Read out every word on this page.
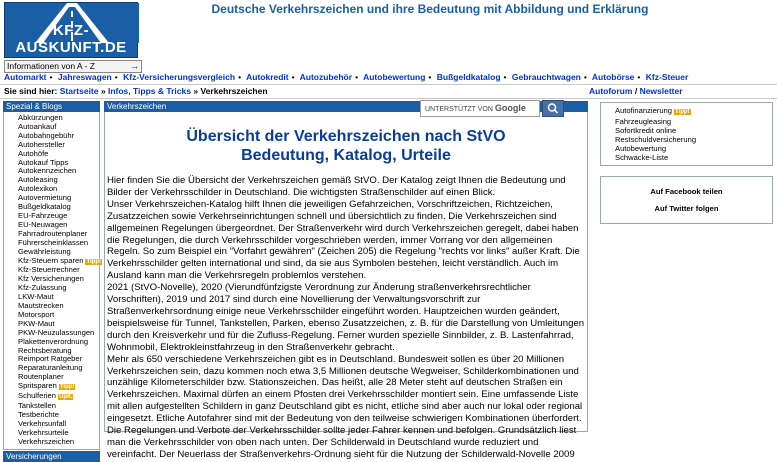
KFZ-AUSKUNFT.DE
Informationen von A - Z	→
Deutsche Verkehrszeichen und ihre Bedeutung mit Abbildung und Erklärung
Automarkt • Jahreswagen • Kfz-Versicherungsvergleich • Autokredit • Autozubehör • Autobewertung • Bußgeldkatalog • Gebrauchtwagen • Autobörse • Kfz-Steuer
Sie sind hier: Startseite » Infos, Tipps & Tricks » Verkehrszeichen	Autoforum / Newsletter
Spezial & Blogs
Abkürzungen
Autoankauf
Autobahngebühr
Autohersteller
Autohöfe
Autokauf Tipps
Autokennzeichen
Autoleasing
Autolexikon
Autovermietung
Bußgeldkatalog
EU-Fahrzeuge
EU-Neuwagen
Fahrradroutenplaner
Führerscheinklassen
Gewährleistung
Kfz-Steuern sparen Tipp!
Kfz-Steuerrechner
Kfz Versicherungen
Kfz-Zulassung
LKW-Maut
Mautstrecken
Motorsport
PKW-Maut
PKW-Neuzulassungen
Plakettenverordnung
Rechtsberatung
Reimport Ratgeber
Reparaturanleitung
Routenplaner
Spritsparen Tipp!
Schulferien Upd.
Tankstellen
Testberichte
Verkehrsunfall
Verkehrsurteile
Verkehrszeichen
Versicherungen
Verkehrszeichen
Übersicht der Verkehrszeichen nach StVO
Bedeutung, Katalog, Urteile

Hier finden Sie die Übersicht der Verkehrszeichen gemäß StVO. Der Katalog zeigt Ihnen die Bedeutung und Bilder der Verkehrsschilder in Deutschland. Die wichtigsten Straßenschilder auf einen Blick.

Unser Verkehrszeichen-Katalog hilft Ihnen die jeweiligen Gefahrzeichen, Vorschriftzeichen, Richtzeichen, Zusatzzeichen sowie Verkehrseinrichtungen schnell und übersichtlich zu finden. Die Verkehrszeichen sind allgemeinen Regelungen übergeordnet. Der Straßenverkehr wird durch Verkehrszeichen geregelt, dabei haben die Regelungen, die durch Verkehrsschilder vorgeschrieben werden, immer Vorrang vor den allgemeinen Regeln. So zum Beispiel ein "Vorfahrt gewähren" (Zeichen 205) die Regelung "rechts vor links" außer Kraft. Die Verkehrsschilder gelten international und sind, da sie aus Symbolen bestehen, leicht verständlich. Auch im Ausland kann man die Verkehrsregeln problemlos verstehen.

2021 (StVO-Novelle), 2020 (Vierundfünfzigste Verordnung zur Änderung straßenverkehrsrechtlicher Vorschriften), 2019 und 2017 sind durch eine Novellierung der Verwaltungsvorschrift zur Straßenverkehrsordnung einige neue Verkehrsschilder eingeführt worden. Hauptzeichen wurden geändert, beispielsweise für Tunnel, Tankstellen, Parken, ebenso Zusatzzeichen, z. B. für die Darstellung von Umleitungen durch den Kreisverkehr und für die Zufluss-Regelung. Ferner wurden spezielle Sinnbilder, z. B. Lastenfahrrad, Wohnmobil, Elektrokleinstfahrzeug in den Straßenverkehr gebracht.

Mehr als 650 verschiedene Verkehrszeichen gibt es in Deutschland. Bundesweit sollen es über 20 Millionen Verkehrszeichen sein, dazu kommen noch etwa 3,5 Millionen deutsche Wegweiser, Schilderkombinationen und unzählige Kilometerschilder bzw. Stationszeichen. Das heißt, alle 28 Meter steht auf deutschen Straßen ein Verkehrszeichen. Maximal dürfen an einem Pfosten drei Verkehrsschilder montiert sein. Eine umfassende Liste mit allen aufgestellten Schildern in ganz Deutschland gibt es nicht, etliche sind aber auch nur lokal oder regional eingesetzt. Etliche Autofahrer sind mit der Bedeutung von den teilweise schwierigen Kombinationen überfordert. Die Regelungen und Verbote der Verkehrsschilder sollte jeder Fahrer kennen und befolgen. Grundsätzlich liest man die Verkehrsschilder von oben nach unten. Der Schilderwald in Deutschland wurde reduziert und vereinfacht. Der Neuerlass der Straßenverkehrs-Ordnung sieht für die Nutzung der Schilderwald-Novelle 2009

UNTERSTÜTZT VON Google	Autofinanzierung Tipp!
Fahrzeugleasing
Sofortkredit online
Restschuldversicherung
Autobewertung
Schwacke-Liste
Auf Facebook teilen
Auf Twitter folgen
